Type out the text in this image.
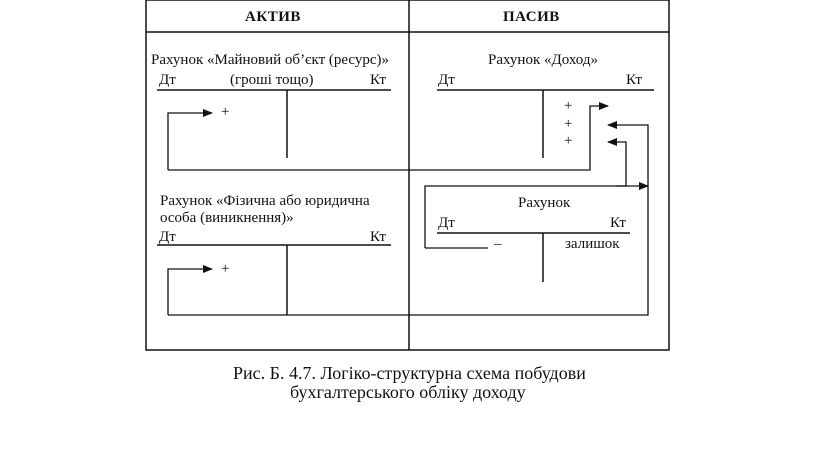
АКТИВ	ПАСИВ
Рахунок «Майновий об’єкт (ресурс)»
Дт	(гроші тощо)	Кт
+
Рахунок «Доход»
Дт	Кт
+
+
+
Рахунок «Фізична або юридична
особа (виникнення)»
Дт	Кт
+
Рахунок
Дт	Кт
–	залишок
Рис. Б. 4.7. Логіко-структурна схема побудови
бухгалтерського обліку доходу
